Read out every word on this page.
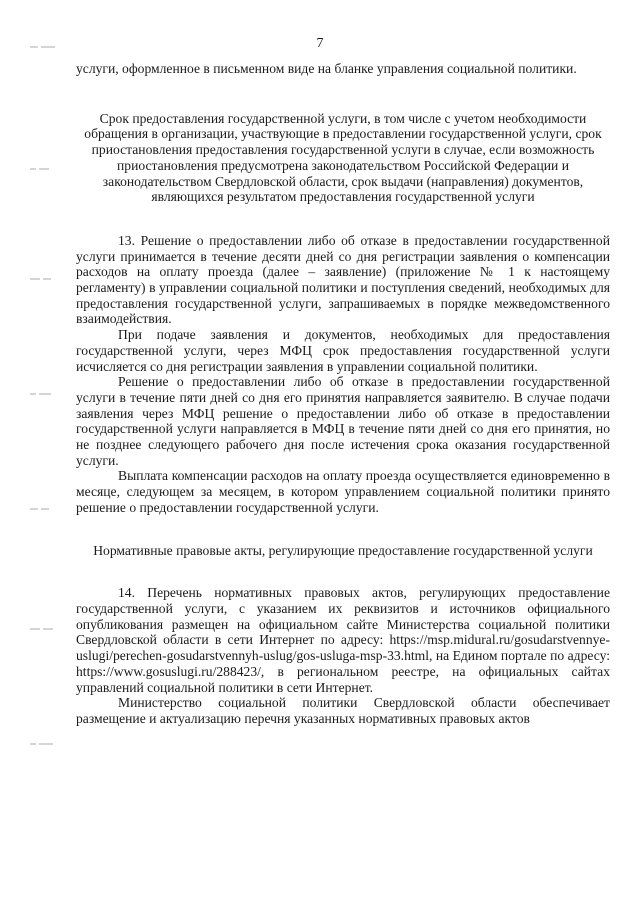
7

услуги, оформленное в письменном виде на бланке управления социальной политики.

Срок предоставления государственной услуги, в том числе с учетом необходимости обращения в организации, участвующие в предоставлении государственной услуги, срок приостановления предоставления государственной услуги в случае, если возможность приостановления предусмотрена законодательством Российской Федерации и законодательством Свердловской области, срок выдачи (направления) документов, являющихся результатом предоставления государственной услуги

13. Решение о предоставлении либо об отказе в предоставлении государственной услуги принимается в течение десяти дней со дня регистрации заявления о компенсации расходов на оплату проезда (далее – заявление) (приложение № 1 к настоящему регламенту) в управлении социальной политики и поступления сведений, необходимых для предоставления государственной услуги, запрашиваемых в порядке межведомственного взаимодействия.

При подаче заявления и документов, необходимых для предоставления государственной услуги, через МФЦ срок предоставления государственной услуги исчисляется со дня регистрации заявления в управлении социальной политики.

Решение о предоставлении либо об отказе в предоставлении государственной услуги в течение пяти дней со дня его принятия направляется заявителю. В случае подачи заявления через МФЦ решение о предоставлении либо об отказе в предоставлении государственной услуги направляется в МФЦ в течение пяти дней со дня его принятия, но не позднее следующего рабочего дня после истечения срока оказания государственной услуги.

Выплата компенсации расходов на оплату проезда осуществляется единовременно в месяце, следующем за месяцем, в котором управлением социальной политики принято решение о предоставлении государственной услуги.

Нормативные правовые акты, регулирующие предоставление государственной услуги

14. Перечень нормативных правовых актов, регулирующих предоставление государственной услуги, с указанием их реквизитов и источников официального опубликования размещен на официальном сайте Министерства социальной политики Свердловской области в сети Интернет по адресу: https://msp.midural.ru/gosudarstvennye-uslugi/perechen-gosudarstvennyh-uslug/gos-usluga-msp-33.html, на Едином портале по адресу: https://www.gosuslugi.ru/288423/, в региональном реестре, на официальных сайтах управлений социальной политики в сети Интернет.

Министерство социальной политики Свердловской области обеспечивает размещение и актуализацию перечня указанных нормативных правовых актов
